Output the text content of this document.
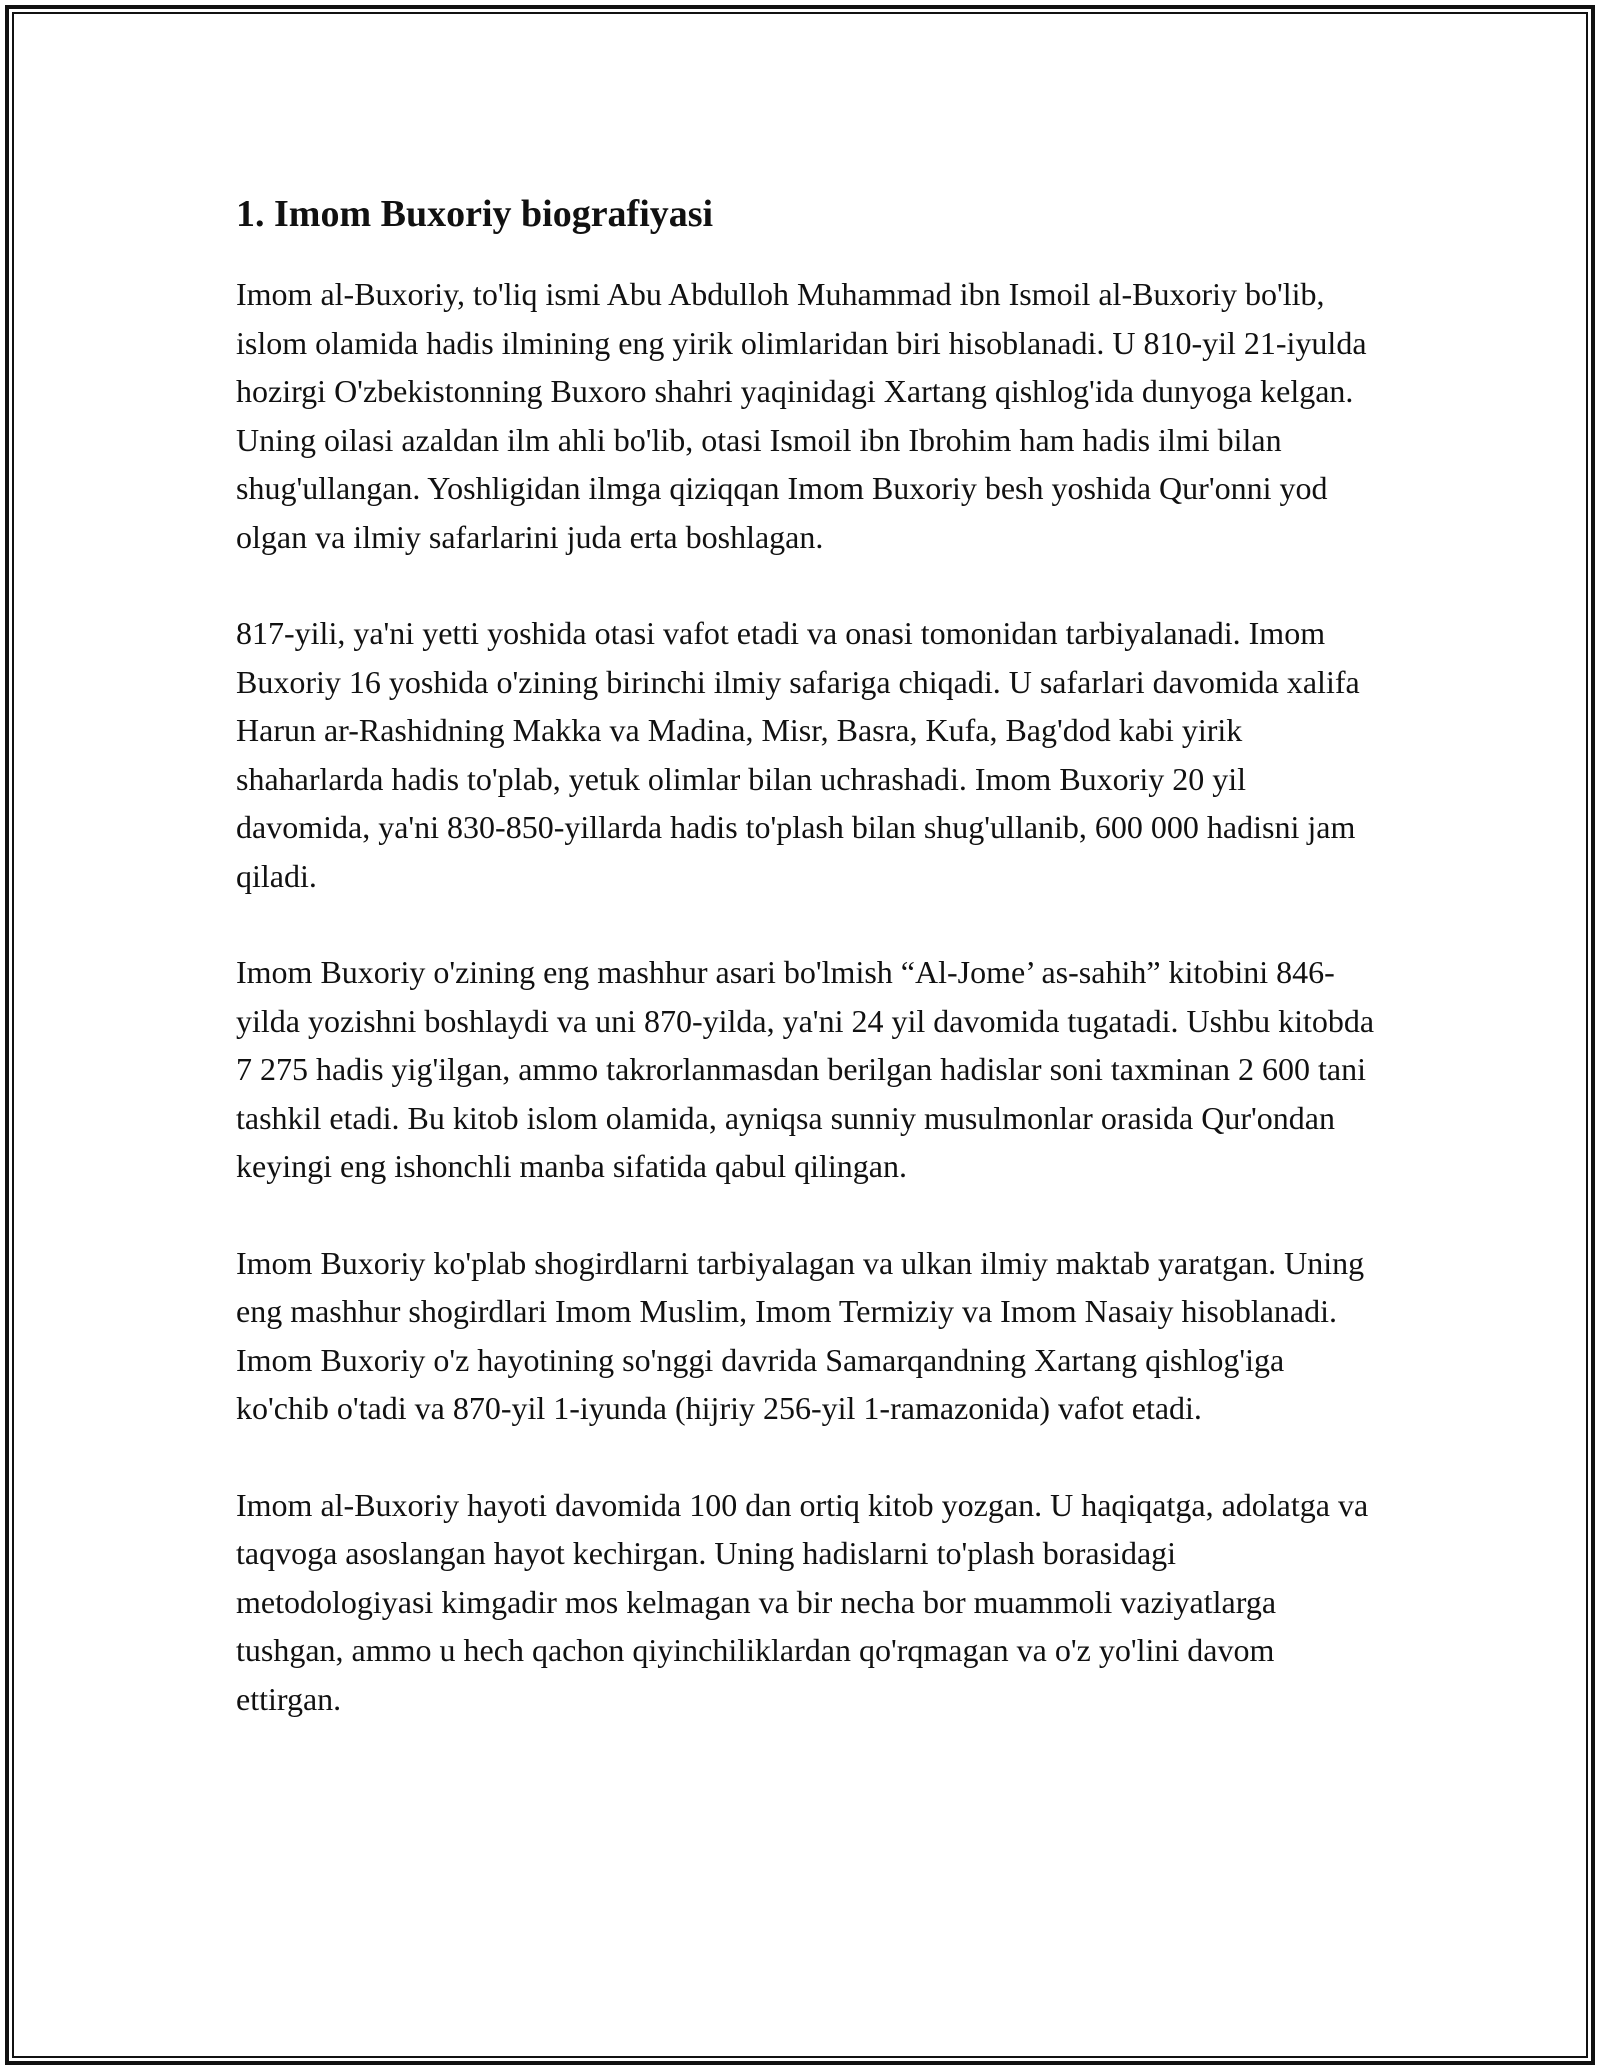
1. Imom Buxoriy biografiyasi

Imom al-Buxoriy, to'liq ismi Abu Abdulloh Muhammad ibn Ismoil al-Buxoriy bo'lib, islom olamida hadis ilmining eng yirik olimlaridan biri hisoblanadi. U 810-yil 21-iyulda hozirgi O'zbekistonning Buxoro shahri yaqinidagi Xartang qishlog'ida dunyoga kelgan. Uning oilasi azaldan ilm ahli bo'lib, otasi Ismoil ibn Ibrohim ham hadis ilmi bilan shug'ullangan. Yoshligidan ilmga qiziqqan Imom Buxoriy besh yoshida Qur'onni yod olgan va ilmiy safarlarini juda erta boshlagan.

817-yili, ya'ni yetti yoshida otasi vafot etadi va onasi tomonidan tarbiyalanadi. Imom Buxoriy 16 yoshida o'zining birinchi ilmiy safariga chiqadi. U safarlari davomida xalifa Harun ar-Rashidning Makka va Madina, Misr, Basra, Kufa, Bag'dod kabi yirik shaharlarda hadis to'plab, yetuk olimlar bilan uchrashadi. Imom Buxoriy 20 yil davomida, ya'ni 830-850-yillarda hadis to'plash bilan shug'ullanib, 600 000 hadisni jam qiladi.

Imom Buxoriy o'zining eng mashhur asari bo'lmish “Al-Jome’ as-sahih” kitobini 846-yilda yozishni boshlaydi va uni 870-yilda, ya'ni 24 yil davomida tugatadi. Ushbu kitobda 7 275 hadis yig'ilgan, ammo takrorlanmasdan berilgan hadislar soni taxminan 2 600 tani tashkil etadi. Bu kitob islom olamida, ayniqsa sunniy musulmonlar orasida Qur'ondan keyingi eng ishonchli manba sifatida qabul qilingan.

Imom Buxoriy ko'plab shogirdlarni tarbiyalagan va ulkan ilmiy maktab yaratgan. Uning eng mashhur shogirdlari Imom Muslim, Imom Termiziy va Imom Nasaiy hisoblanadi. Imom Buxoriy o'z hayotining so'nggi davrida Samarqandning Xartang qishlog'iga ko'chib o'tadi va 870-yil 1-iyunda (hijriy 256-yil 1-ramazonida) vafot etadi.

Imom al-Buxoriy hayoti davomida 100 dan ortiq kitob yozgan. U haqiqatga, adolatga va taqvoga asoslangan hayot kechirgan. Uning hadislarni to'plash borasidagi metodologiyasi kimgadir mos kelmagan va bir necha bor muammoli vaziyatlarga tushgan, ammo u hech qachon qiyinchiliklardan qo'rqmagan va o'z yo'lini davom ettirgan.
